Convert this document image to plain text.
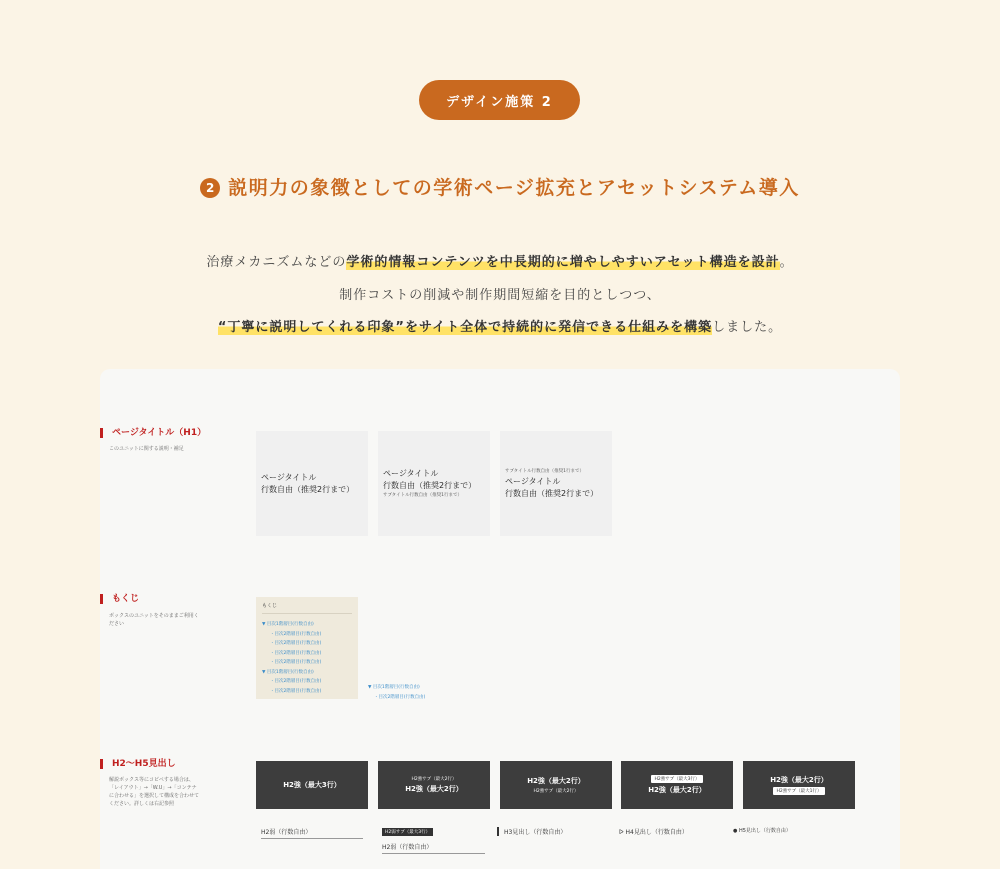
デザイン施策 2
2 説明力の象徴としての学術ページ拡充とアセットシステム導入
治療メカニズムなどの学術的情報コンテンツを中長期的に増やしやすいアセット構造を設計。
制作コストの削減や制作期間短縮を目的としつつ、
“丁寧に説明してくれる印象”をサイト全体で持続的に発信できる仕組みを構築しました。
ページタイトル（H1）
このユニットに関する説明・補足
ページタイトル
行数自由（推奨2行まで）
ページタイトル
行数自由（推奨2行まで）
サブタイトル行数自由（推奨1行まで）
サブタイトル行数自由（推奨1行まで）
ページタイトル
行数自由（推奨2行まで）
もくじ
ボックスのユニットをそのままご利用ください
もくじ
▼ 目次1階層目(行数自由)
・目次2階層目(行数自由)
・目次2階層目(行数自由)
・目次2階層目(行数自由)
・目次2階層目(行数自由)
▼ 目次1階層目(行数自由)
・目次2階層目(行数自由)
・目次2階層目(行数自由)
▼ 目次1階層目(行数自由)
・目次2階層目(行数自由)
H2〜H5見出し
解説ボックス等にコピペする場合は、「レイアウト」→「W.U」→「コンテナに合わせる」を選択して構成を合わせてください。詳しくは右記参照
H2強（最大3行）
H2強サブ（最大2行）
H2強（最大2行）
H2強（最大2行）
H2強サブ（最大2行）
H2強サブ（最大3行）
H2強（最大2行）
H2強（最大2行）
H2強サブ（最大1行）
H2弱（行数自由）	H2弱サブ（最大3行）
H2弱（行数自由）
H3見出し（行数自由）	ᐅ H4見出し（行数自由）	● H5見出し（行数自由）
